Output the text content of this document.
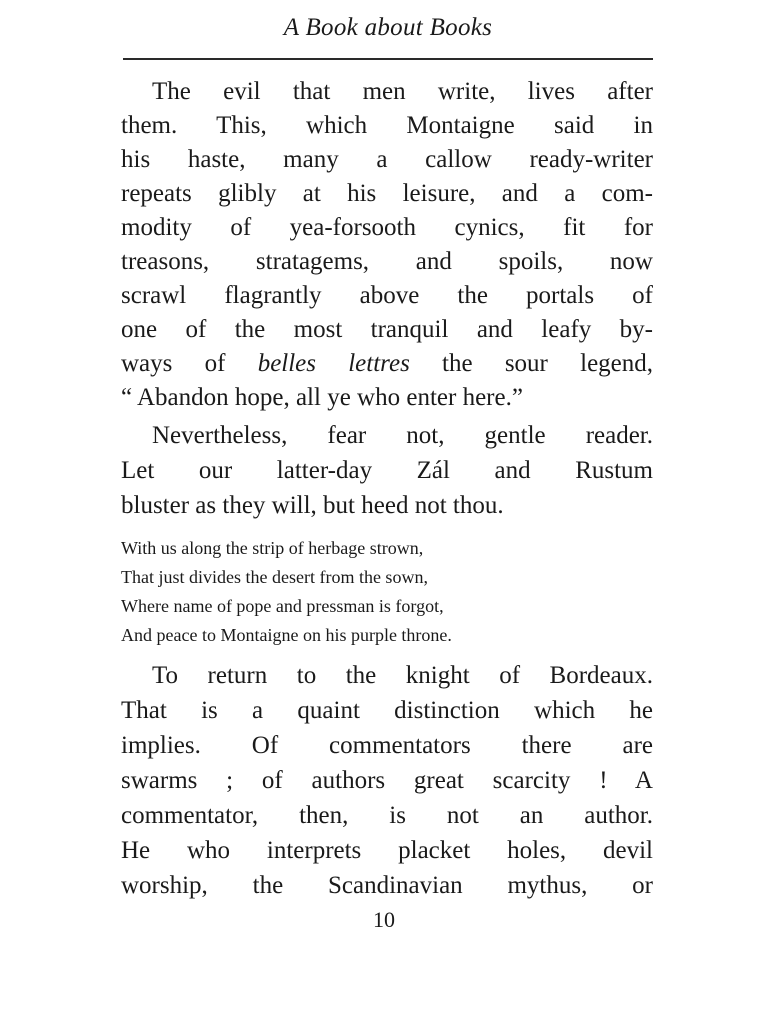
A Book about Books

The evil that men write, lives after

them. This, which Montaigne said in

his haste, many a callow ready-writer

repeats glibly at his leisure, and a com-

modity of yea-forsooth cynics, fit for

treasons, stratagems, and spoils, now

scrawl flagrantly above the portals of

one of the most tranquil and leafy by-

ways of belles lettres the sour legend,

“ Abandon hope, all ye who enter here.”

Nevertheless, fear not, gentle reader.

Let our latter-day Zál and Rustum

bluster as they will, but heed not thou.

With us along the strip of herbage strown,

That just divides the desert from the sown,

Where name of pope and pressman is forgot,

And peace to Montaigne on his purple throne.

To return to the knight of Bordeaux.

That is a quaint distinction which he

implies. Of commentators there are

swarms ; of authors great scarcity ! A

commentator, then, is not an author.

He who interprets placket holes, devil

worship, the Scandinavian mythus, or

10
